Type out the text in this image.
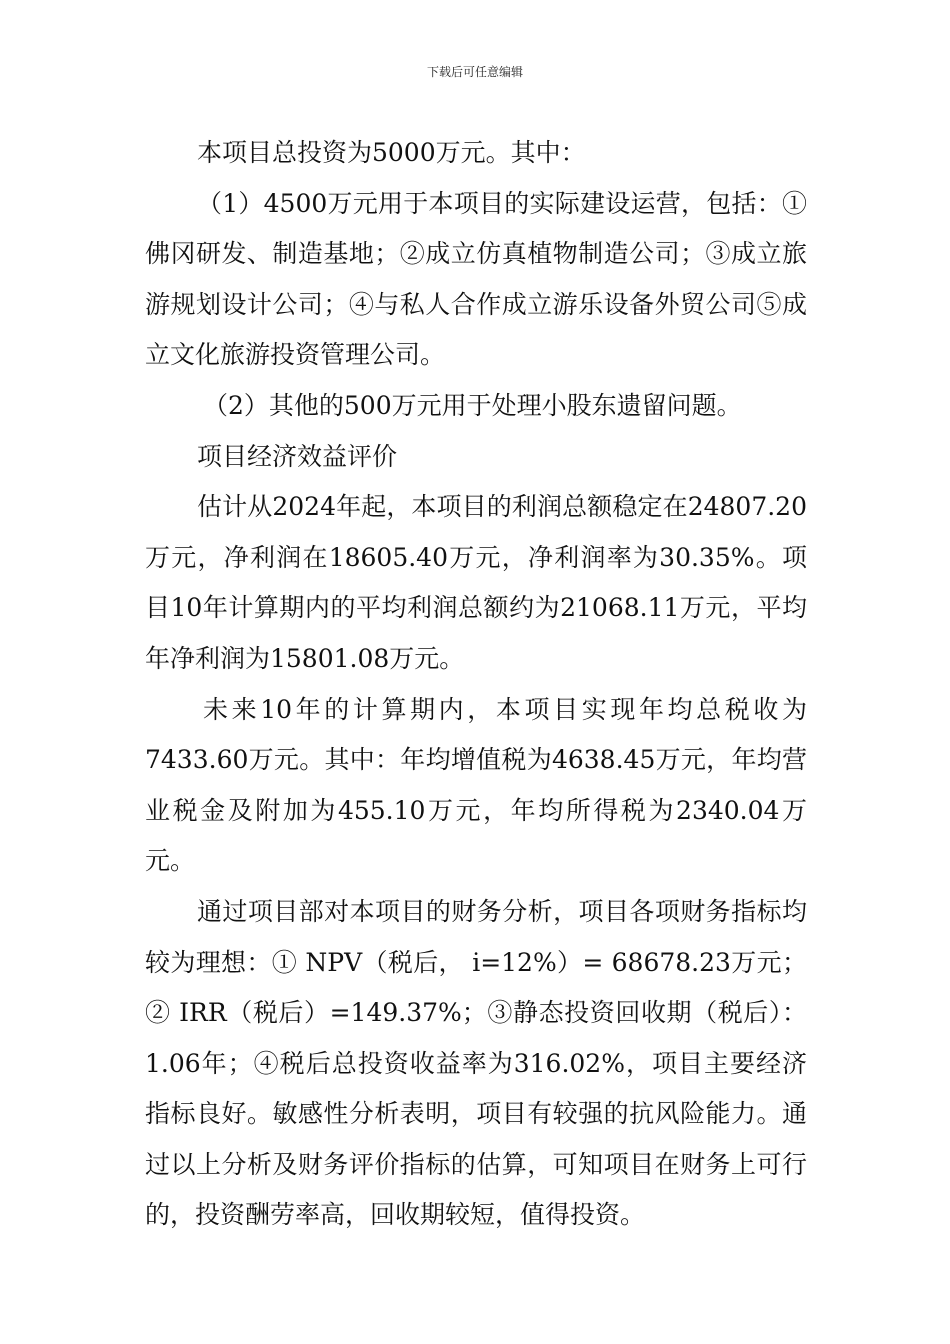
下载后可任意编辑

本项目总投资为5000万元。其中：

（1）4500万元用于本项目的实际建设运营，包括：①佛冈研发、制造基地；②成立仿真植物制造公司；③成立旅游规划设计公司；④与私人合作成立游乐设备外贸公司⑤成立文化旅游投资管理公司。

（2）其他的500万元用于处理小股东遗留问题。

项目经济效益评价

估计从2024年起，本项目的利润总额稳定在24807.20万元，净利润在18605.40万元，净利润率为30.35%。项目10年计算期内的平均利润总额约为21068.11万元，平均年净利润为15801.08万元。

未来10年的计算期内，本项目实现年均总税收为7433.60万元。其中：年均增值税为4638.45万元，年均营业税金及附加为455.10万元，年均所得税为2340.04万元。

通过项目部对本项目的财务分析，项目各项财务指标均较为理想：① NPV（税后， i=12%）= 68678.23万元；② IRR（税后）=149.37%；③静态投资回收期（税后）：1.06年；④税后总投资收益率为316.02%，项目主要经济指标良好。敏感性分析表明，项目有较强的抗风险能力。通过以上分析及财务评价指标的估算，可知项目在财务上可行的，投资酬劳率高，回收期较短，值得投资。
